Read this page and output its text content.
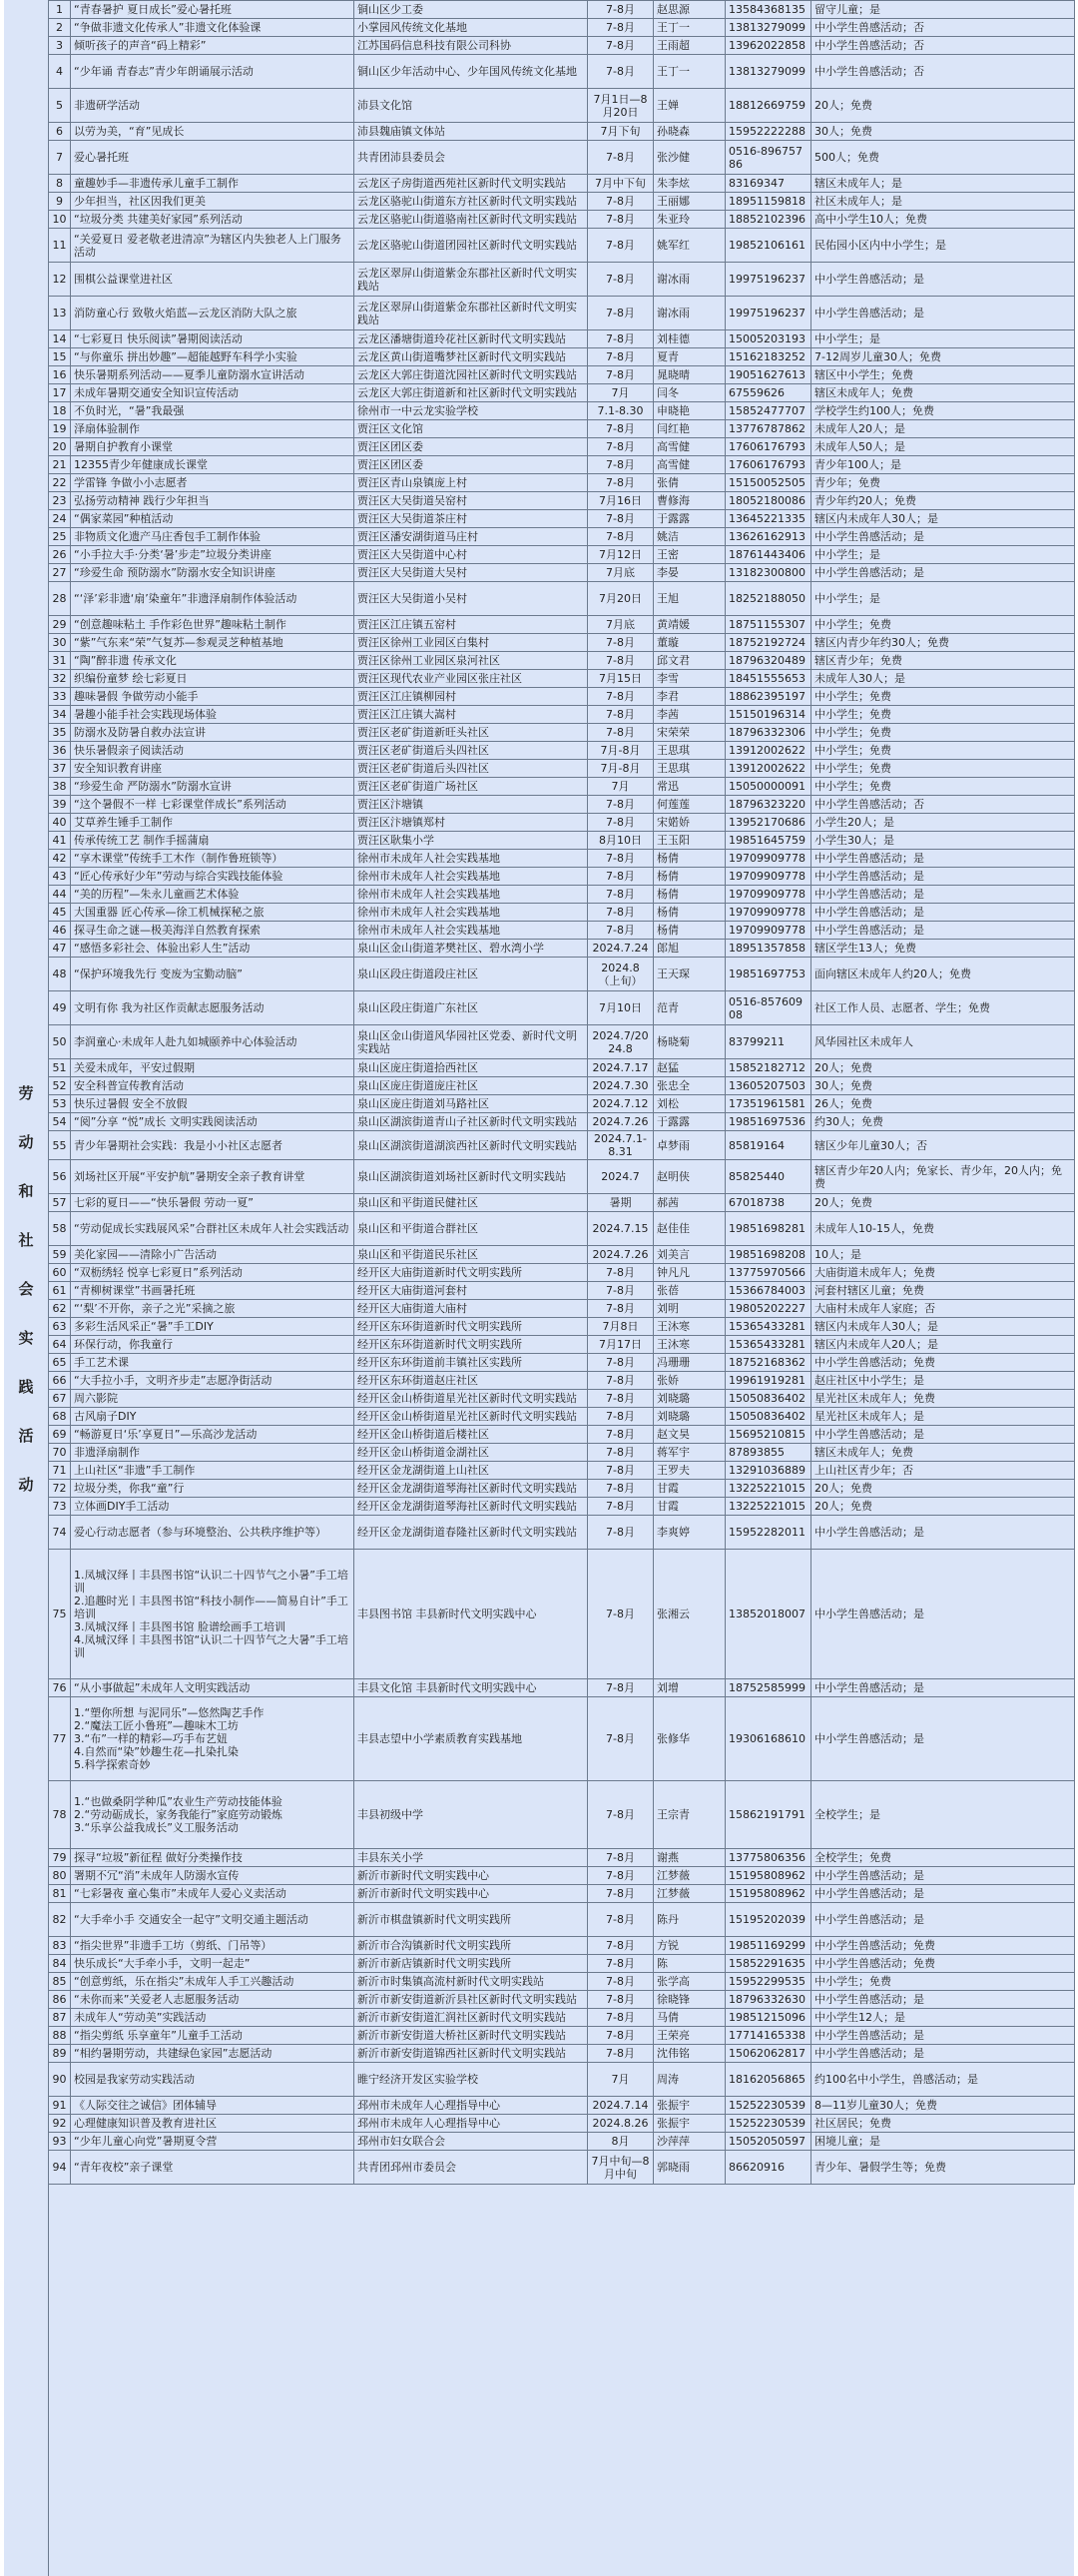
劳
动
和
社
会
实
践
活
动
1	“青春暑护 夏日成长”爱心暑托班	铜山区少工委	7-8月	赵思源	13584368135	留守儿童；是
2	“争做非遗文化传承人”非遗文化体验课	小掌园风传统文化基地	7-8月	王丁一	13813279099	中小学生兽感活动；否
3	倾听孩子的声音“码上精彩”	江苏国码信息科技有限公司科协	7-8月	王雨超	13962022858	中小学生兽感活动；否
4	“少年诵 青春志”青少年朗诵展示活动	铜山区少年活动中心、少年国风传统文化基地	7-8月	王丁一	13813279099	中小学生兽感活动；否
5	非遗研学活动	沛县文化馆	7月1日—8月20日	王婵	18812669759	20人；免费
6	以劳为美，“育”见成长	沛县魏庙镇文体站	7月下旬	孙晓森	15952222288	30人；免费
7	爱心暑托班	共青团沛县委员会	7-8月	张沙健	0516-89675786	500人；免费
8	童趣妙手—非遗传承儿童手工制作	云龙区子房街道西苑社区新时代文明实践站	7月中下旬	朱李炫	83169347	辖区未成年人；是
9	少年担当，社区因我们更美	云龙区骆驼山街道东方社区新时代文明实践站	7-8月	王丽娜	18951159818	社区未成年人；是
10	“垃圾分类 共建美好家园”系列活动	云龙区骆驼山街道骆南社区新时代文明实践站	7-8月	朱亚玲	18852102396	高中小学生10人；免费
11	“关爱夏日 爱老敬老进清凉”为辖区内失独老人上门服务活动	云龙区骆驼山街道团园社区新时代文明实践站	7-8月	姚军红	19852106161	民佑园小区内中小学生；是
12	围棋公益课堂进社区	云龙区翠屏山街道紫金东郡社区新时代文明实践站	7-8月	谢冰雨	19975196237	中小学生兽感活动；是
13	消防童心行 致敬火焰蓝—云龙区消防大队之旅	云龙区翠屏山街道紫金东郡社区新时代文明实践站	7-8月	谢冰雨	19975196237	中小学生兽感活动；是
14	“七彩夏日 快乐阅读”暑期阅读活动	云龙区潘塘街道玲花社区新时代文明实践站	7-8月	刘桂德	15005203193	中小学生；是
15	“与你童乐 拼出妙趣”—超能越野车科学小实验	云龙区黄山街道嘴梦社区新时代文明实践站	7-8月	夏青	15162183252	7-12周岁儿童30人；免费
16	快乐暑期系列活动——夏季儿童防溺水宣讲活动	云龙区大郭庄街道沈园社区新时代文明实践站	7-8月	晁晓晴	19051627613	辖区中小学生；免费
17	未成年暑期交通安全知识宣传活动	云龙区大郭庄街道新和社区新时代文明实践站	7月	闫冬	67559626	辖区未成年人；免费
18	不负时光，“暑”我最强	徐州市一中云龙实验学校	7.1-8.30	申晓艳	15852477707	学校学生约100人；免费
19	泽扇体验制作	贾汪区文化馆	7-8月	闫红艳	13776787862	未成年人20人；是
20	暑期自护教育小课堂	贾汪区团区委	7-8月	高雪健	17606176793	未成年人50人；是
21	12355青少年健康成长课堂	贾汪区团区委	7-8月	高雪健	17606176793	青少年100人；是
22	学雷锋 争做小小志愿者	贾汪区青山泉镇庞上村	7-8月	张倩	15150052505	青少年；免费
23	弘扬劳动精神 践行少年担当	贾汪区大吴街道吴窑村	7月16日	曹修海	18052180086	青少年约20人；免费
24	“偶家菜园”种植活动	贾汪区大吴街道茶庄村	7-8月	于露露	13645221335	辖区内未成年人30人；是
25	非物质文化遗产马庄香包手工制作体验	贾汪区潘安湖街道马庄村	7-8月	姚洁	13626162913	中小学生兽感活动；是
26	“小手拉大手·分类‘暑’步走”垃圾分类讲座	贾汪区大吴街道中心村	7月12日	王密	18761443406	中小学生；是
27	“珍爱生命 预防溺水”防溺水安全知识讲座	贾汪区大吴街道大吴村	7月底	李晏	13182300800	中小学生兽感活动；是
28	“‘泽’彩非遗‘扇’染童年”非遗泽扇制作体验活动	贾汪区大吴街道小吴村	7月20日	王旭	18252188050	中小学生；是
29	“创意趣味粘土 手作彩色世界”趣味粘土制作	贾汪区江庄镇五窑村	7月底	黄靖媛	18751155307	中小学生；免费
30	“紫”气东来“荣”气复苏—参观灵芝种植基地	贾汪区徐州工业园区白集村	7-8月	董璇	18752192724	辖区内青少年约30人；免费
31	“陶”醉非遗 传承文化	贾汪区徐州工业园区泉河社区	7-8月	邱文君	18796320489	辖区青少年；免费
32	织编份童梦 绘七彩夏日	贾汪区现代农业产业园区张庄社区	7月15日	李雪	18451555653	未成年人30人；是
33	趣味暑假 争做劳动小能手	贾汪区江庄镇柳园村	7-8月	李君	18862395197	中小学生；免费
34	暑趣小能手社会实践现场体验	贾汪区江庄镇大嵩村	7-8月	李茜	15150196314	中小学生；免费
35	防溺水及防暑自救办法宣讲	贾汪区老矿街道新旺头社区	7-8月	宋荣荣	18796332306	中小学生；免费
36	快乐暑假亲子阅读活动	贾汪区老矿街道后头四社区	7月-8月	王思琪	13912002622	中小学生；免费
37	安全知识教育讲座	贾汪区老矿街道后头四社区	7月-8月	王思琪	13912002622	中小学生；免费
38	“珍爱生命 严防溺水”防溺水宣讲	贾汪区老矿街道广场社区	7月	常迅	15050000091	中小学生；免费
39	“这个暑假不一样 七彩课堂伴成长”系列活动	贾汪区汴塘镇	7-8月	何莲莲	18796323220	中小学生兽感活动；否
40	艾草养生锤手工制作	贾汪区汴塘镇郑村	7-8月	宋婼娇	13952170686	小学生20人；是
41	传承传统工艺 制作手摇蒲扇	贾汪区耿集小学	8月10日	王玉阳	19851645759	小学生30人；是
42	“享木课堂”传统手工木作（制作鲁班锁等）	徐州市未成年人社会实践基地	7-8月	杨倩	19709909778	中小学生兽感活动；是
43	“匠心传承好少年”劳动与综合实践技能体验	徐州市未成年人社会实践基地	7-8月	杨倩	19709909778	中小学生兽感活动；是
44	“美的历程”—朱永儿童画艺术体验	徐州市未成年人社会实践基地	7-8月	杨倩	19709909778	中小学生兽感活动；是
45	大国重器 匠心传承—徐工机械探秘之旅	徐州市未成年人社会实践基地	7-8月	杨倩	19709909778	中小学生兽感活动；是
46	探寻生命之谜—极美海洋自然教育探索	徐州市未成年人社会实践基地	7-8月	杨倩	19709909778	中小学生兽感活动；是
47	“感悟多彩社会、体验出彩人生”活动	泉山区金山街道茅樊社区、碧水湾小学	2024.7.24	郎旭	18951357858	辖区学生13人；免费
48	“保护环境我先行 变废为宝勤动脑”	泉山区段庄街道段庄社区	2024.8（上旬）	王天琛	19851697753	面向辖区未成年人约20人；免费
49	文明有你 我为社区作贡献志愿服务活动	泉山区段庄街道广东社区	7月10日	范青	0516-85760908	社区工作人员、志愿者、学生；免费
50	李润童心·未成年人赴九如城颐养中心体验活动	泉山区金山街道风华园社区党委、新时代文明实践站	2024.7/2024.8	杨晓菊	83799211	风华园社区未成年人
51	关爱未成年，平安过假期	泉山区庞庄街道拾西社区	2024.7.17	赵猛	15852182712	20人；免费
52	安全科普宣传教育活动	泉山区庞庄街道庞庄社区	2024.7.30	张忠全	13605207503	30人；免费
53	快乐过暑假 安全不放假	泉山区庞庄街道刘马路社区	2024.7.12	刘松	17351961581	26人；免费
54	“阅”分享 “悦”成长 文明实践阅读活动	泉山区湖滨街道青山子社区新时代文明实践站	2024.7.26	于露露	19851697536	约30人；免费
55	青少年暑期社会实践：我是小小社区志愿者	泉山区湖滨街道湖滨西社区新时代文明实践站	2024.7.1-8.31	卓梦雨	85819164	辖区少年儿童30人；否
56	刘场社区开展“平安护航”暑期安全亲子教育讲堂	泉山区湖滨街道刘场社区新时代文明实践站	2024.7	赵明侠	85825440	辖区青少年20人内；免家长、青少年，20人内；免费
57	七彩的夏日——“快乐暑假 劳动一夏”	泉山区和平街道民健社区	暑期	郝茜	67018738	20人；免费
58	“劳动促成长实践展风采”合群社区未成年人社会实践活动	泉山区和平街道合群社区	2024.7.15	赵佳佳	19851698281	未成年人10-15人，免费
59	美化家园——清除小广告活动	泉山区和平街道民乐社区	2024.7.26	刘美言	19851698208	10人；是
60	“双枥绣轻 悦享七彩夏日”系列活动	经开区大庙街道新时代文明实践所	7-8月	钟凡凡	13775970566	大庙街道未成年人；免费
61	“青柳树课堂”书画暑托班	经开区大庙街道河套村	7-8月	张蓓	15366784003	河套村辖区儿童；免费
62	“‘梨’不开你，亲子之光”采摘之旅	经开区大庙街道大庙村	7-8月	刘明	19805202227	大庙村未成年人家庭；否
63	多彩生活风采正“暑”手工DIY	经开区东环街道新时代文明实践所	7月8日	王沐寒	15365433281	辖区内未成年人30人；是
64	环保行动，你我童行	经开区东环街道新时代文明实践所	7月17日	王沐寒	15365433281	辖区内未成年人20人；是
65	手工艺术课	经开区东环街道前丰镇社区实践所	7-8月	冯珊珊	18752168362	中小学生兽感活动；免费
66	“大手拉小手，文明齐步走”志愿净街活动	经开区东环街道赵庄社区	7-8月	张娇	19961919281	赵庄社区中小学生；是
67	周六影院	经开区金山桥街道星光社区新时代文明实践站	7-8月	刘晓璐	15050836402	星光社区未成年人；免费
68	古风扇子DIY	经开区金山桥街道星光社区新时代文明实践站	7-8月	刘晓璐	15050836402	星光社区未成年人；是
69	“畅游夏日‘乐’享夏日”—乐高沙龙活动	经开区金山桥街道后楼社区	7-8月	赵文昊	15695210815	中小学生兽感活动；是
70	非遗泽扇制作	经开区金山桥街道金湖社区	7-8月	蒋军宇	87893855	辖区未成年人；免费
71	上山社区“非遗”手工制作	经开区金龙湖街道上山社区	7-8月	王罗夫	13291036889	上山社区青少年；否
72	垃圾分类，你我“童”行	经开区金龙湖街道琴海社区新时代文明实践站	7-8月	甘霞	13225221015	20人；免费
73	立体画DIY手工活动	经开区金龙湖街道琴海社区新时代文明实践站	7-8月	甘霞	13225221015	20人；免费
74	爱心行动志愿者（参与环境整治、公共秩序维护等）	经开区金龙湖街道春隆社区新时代文明实践站	7-8月	李爽婷	15952282011	中小学生兽感活动；是
75	1.凤城汉绎丨丰县图书馆“认识二十四节气之小暑”手工培训
2.追趣时光丨丰县图书馆“科技小制作——简易自计”手工培训
3.凤城汉绎丨丰县图书馆 脸谱绘画手工培训
4.凤城汉绎丨丰县图书馆“认识二十四节气之大暑”手工培训	丰县图书馆 丰县新时代文明实践中心	7-8月	张湘云	13852018007	中小学生兽感活动；是
76	“从小事做起”未成年人文明实践活动	丰县文化馆 丰县新时代文明实践中心	7-8月	刘增	18752585999	中小学生兽感活动；是
77	1.“塑你所想 与泥同乐”—悠然陶艺手作
2.“魔法工匠小鲁班”—趣味木工坊
3.“布”一样的精彩—巧手布艺妞
4.自然而“染”妙趣生花—扎染扎染
5.科学探索奇妙	丰县志望中小学素质教育实践基地	7-8月	张修华	19306168610	中小学生兽感活动；是
78	1.“也做桑阴学种瓜”农业生产劳动技能体验
2.“劳动砺成长，家务我能行”家庭劳动锻炼
3.“乐享公益我成长”义工服务活动	丰县初级中学	7-8月	王宗青	15862191791	全校学生；是
79	探寻“垃圾”新征程 做好分类操作技	丰县东关小学	7-8月	谢燕	13775806356	全校学生；免费
80	署期不冗“消”未成年人防溺水宣传	新沂市新时代文明实践中心	7-8月	江梦薇	15195808962	中小学生兽感活动；是
81	“七彩暑夜 童心集市”未成年人爱心义卖活动	新沂市新时代文明实践中心	7-8月	江梦薇	15195808962	中小学生兽感活动；是
82	“大手牵小手 交通安全一起守”文明交通主题活动	新沂市棋盘镇新时代文明实践所	7-8月	陈丹	15195202039	中小学生兽感活动；是
83	“指尖世界”非遗手工坊（剪纸、门吊等）	新沂市合沟镇新时代文明实践所	7-8月	方锐	19851169299	中小学生兽感活动；免费
84	快乐成长“大手牵小手，文明一起走”	新沂市新店镇新时代文明实践所	7-8月	陈	15852291635	中小学生兽感活动；免费
85	“创意剪纸，乐在指尖”未成年人手工兴趣活动	新沂市时集镇高流村新时代文明实践站	7-8月	张学高	15952299535	中小学生；免费
86	“未你而来”关爱老人志愿服务活动	新沂市新安街道新沂县社区新时代文明实践站	7-8月	徐晓锋	18796332630	中小学生兽感活动；是
87	未成年人“劳动美”实践活动	新沂市新安街道汇润社区新时代文明实践站	7-8月	马倩	19851215096	中小学生12人；是
88	“指尖剪纸 乐享童年”儿童手工活动	新沂市新安街道大桥社区新时代文明实践站	7-8月	王荣亮	17714165338	中小学生兽感活动；是
89	“相约暑期劳动，共建绿色家园”志愿活动	新沂市新安街道锦西社区新时代文明实践站	7-8月	沈伟铭	15062062817	中小学生兽感活动；是
90	校园是我家劳动实践活动	睢宁经济开发区实验学校	7月	周涛	18162056865	约100名中小学生，兽感活动；是
91	《人际交往之诚信》团体辅导	邳州市未成年人心理指导中心	2024.7.14	张振宇	15252230539	8—11岁儿童30人；免费
92	心理健康知识普及教育进社区	邳州市未成年人心理指导中心	2024.8.26	张振宇	15252230539	社区居民；免费
93	“少年儿童心向党”暑期夏令营	邳州市妇女联合会	8月	沙萍萍	15052050597	困境儿童；是
94	“青年夜校”亲子课堂	共青团邳州市委员会	7月中旬—8月中旬	郭晓雨	86620916	青少年、暑假学生等；免费
